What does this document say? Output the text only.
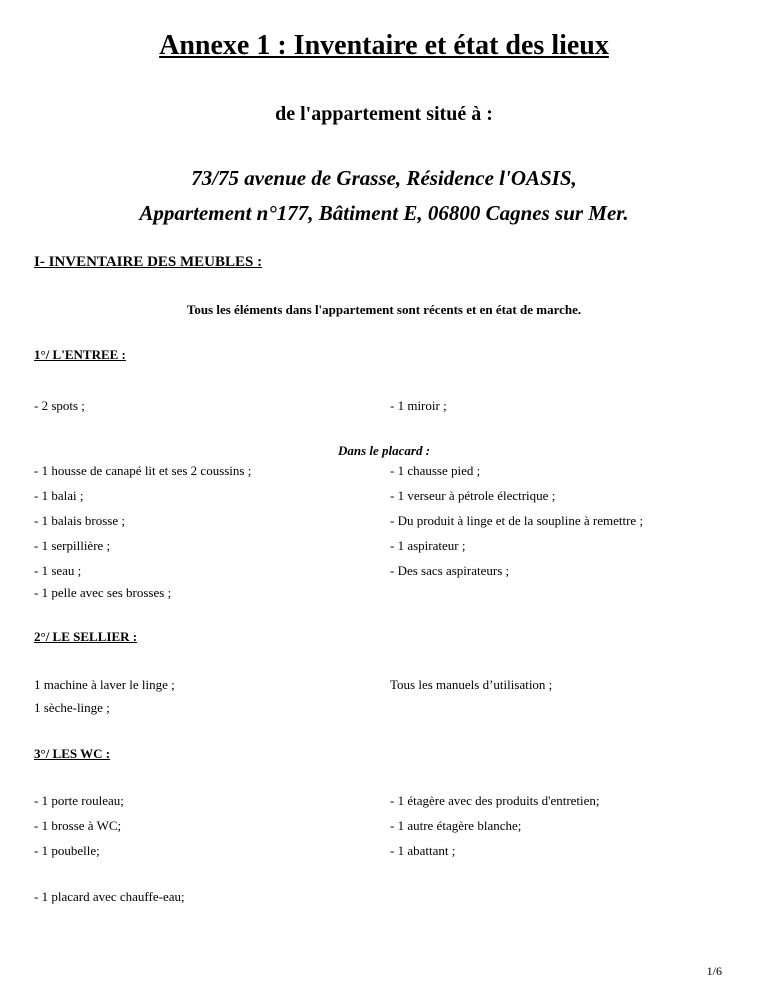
Annexe 1 : Inventaire et état des lieux
de l'appartement situé à :
73/75 avenue de Grasse, Résidence l'OASIS,
Appartement n°177, Bâtiment E, 06800 Cagnes sur Mer.
I- INVENTAIRE DES MEUBLES :
Tous les éléments dans l'appartement sont récents et en état de marche.
1°/ L'ENTREE :
- 2 spots ;	- 1 miroir ;
Dans le placard :
- 1 housse de canapé lit et ses 2 coussins ;
- 1 balai ;
- 1 balais brosse ;
- 1 serpillière ;
- 1 seau ;
- 1 pelle avec ses brosses ;
- 1 chausse pied ;
- 1 verseur à pétrole électrique ;
- Du produit à linge et de la soupline à remettre ;
- 1 aspirateur ;
- Des sacs aspirateurs ;
2°/ LE SELLIER :
1 machine à laver le linge ;
1 sèche-linge ;
Tous les manuels d’utilisation ;
3°/ LES WC :
- 1 porte rouleau;
- 1 brosse à WC;
- 1 poubelle;
- 1 étagère avec des produits d'entretien;
- 1 autre étagère blanche;
- 1 abattant ;
- 1 placard avec chauffe-eau;
1/6
